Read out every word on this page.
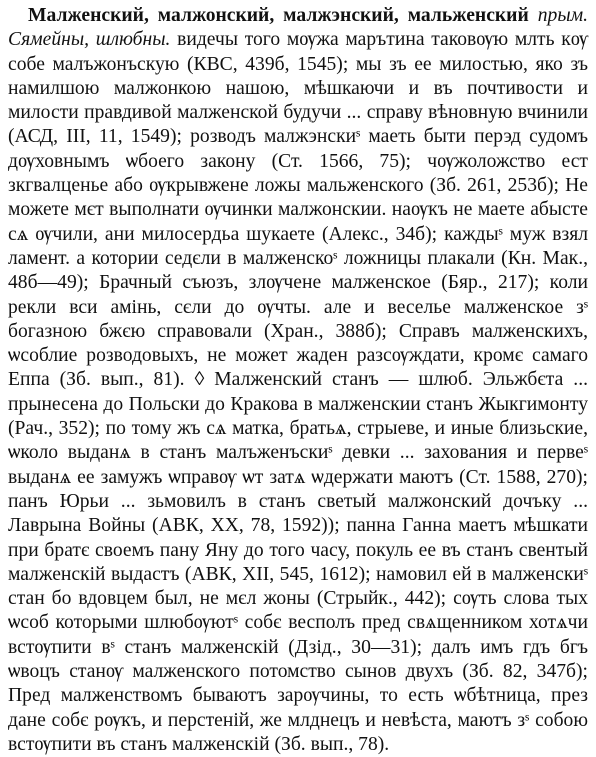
Малженский, малжонский, малжэнский, мальженский прым. Сямейны, шлюбны. видечы того мѹжа марътина таковѹю млть кѹ собе малъжонъскую (КВС, 439б, 1545); мы зъ ее милостью, яко зъ намилшою малжонкою нашою, мѣшкаючи и въ почтивости и милости правдивой малженской будучи ... справу вѣновную вчинили (АСД, III, 11, 1549); розводъ малжэнскиˢ маеть быти перэд судомъ дѹховнымъ ѡбоего закону (Ст. 1566, 75); чѹжоложство ест зкгвалценье або ѹкрывжене ложы мальженского (Зб. 261, 253б); Не можете мєт выполнати ѹчинки малжонскии. нaѹкъ не маете абысте сѧ ѹчили, ани милосердьа шукаете (Алекс., 34б); каждыˢ муж взял ламент. а котории седєли в малженскоˢ ложницы плакали (Кн. Мак., 48б—49); Брачный съюзъ, злѹчене малженское (Бяр., 217); коли рекли вси амінь, сєли до ѹчты. але и веселье малженское зˢ богазною бжєю справовали (Хран., 388б); Справъ малженскихъ, ѡсоблие розводовыхъ, не может жаден разсѹждати, кромє самаго Еппа (Зб. вып., 81). ◊ Малженский станъ — шлюб. Эльжбєта ... прынесена до Польски до Кракова в малженскии станъ Жыкгимонту (Рач., 352); по тому жъ сѧ матка, братьѧ, стрыеве, и иные близьские, ѡколо выданѧ в станъ малъженъскиˢ девки ... захования и первеˢ выданѧ ее замужъ ѡправѹ ѡт затѧ ѡдержати маютъ (Ст. 1588, 270); панъ Юрьи ... зьмовилъ в станъ светый малжонский дочъку ... Лаврына Войны (АВК, XX, 78, 1592)); панна Ганна маетъ мѣшкати при братє своемъ пану Яну до того часу, покуль ее въ станъ свентый малженскій выдастъ (АВК, XII, 545, 1612); намовил ей в малженскиˢ стан бо вдовцем был, не мєл жоны (Стрыйк., 442); сѹть слова тых ѡсоб которыми шлюбѹютˢ собє весполъ пред свѧщенником хотѧчи встѹпити вˢ станъ малженскій (Дзід., 30—31); далъ имъ гдъ бгъ ѡвоцъ станѹ малженского потомство сынов двухъ (Зб. 82, 347б); Пред малженствомъ бываютъ зарѹчины, то есть ѡбѣтница, през дане собє рѹкъ, и перстеній, же млднецъ и невѣста, маютъ зˢ собою встѹпити въ станъ малженскій (Зб. вып., 78).
